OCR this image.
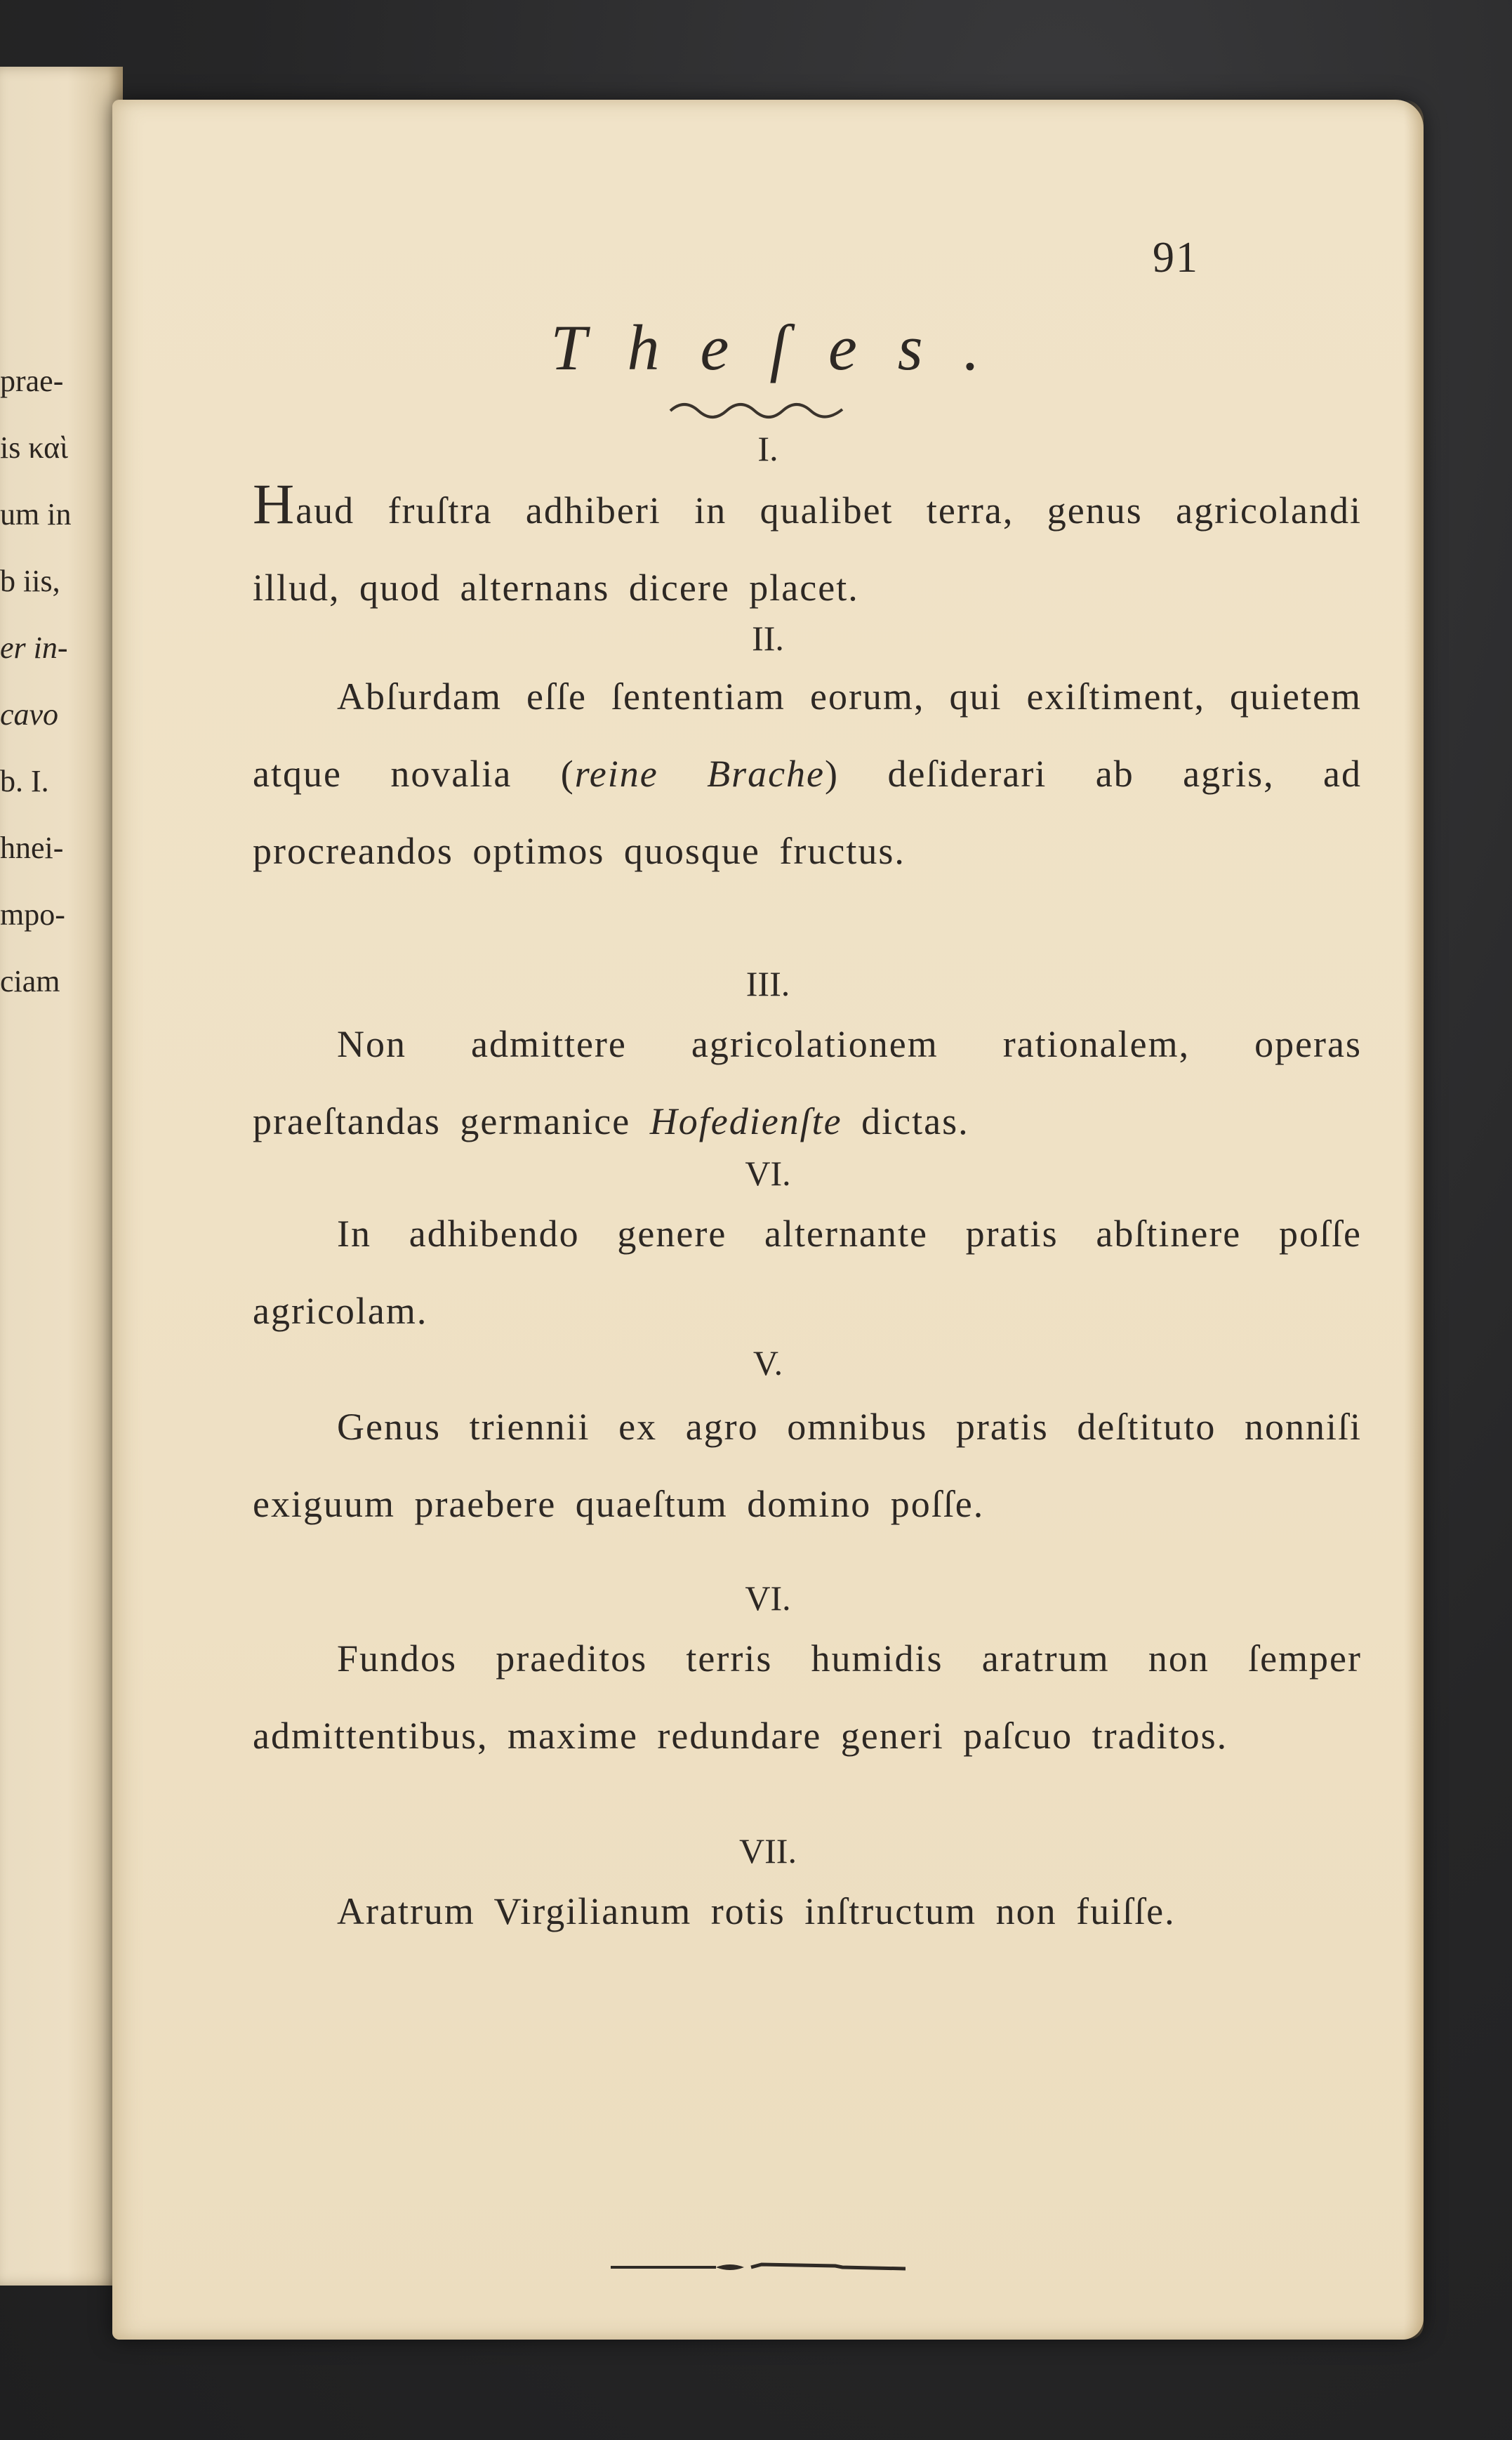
prae-
is καὶ
um in
b iis,
er in-
cavo
b. I.
hnei-
mpo-
ciam
91
Theſes.
I.
Haud fruſtra adhiberi in qualibet terra, genus agricolandi illud, quod alternans dicere placet.
II.
Abſurdam eſſe ſententiam eorum, qui exiſtiment, quietem atque novalia (reine Brache) deſiderari ab agris, ad procreandos optimos quosque fructus.
III.
Non admittere agricolationem rationalem, operas praeſtandas germanice Hofedienſte dictas.
VI.
In adhibendo genere alternante pratis abſtinere poſſe agricolam.
V.
Genus triennii ex agro omnibus pratis deſtituto nonniſi exiguum praebere quaeſtum domino poſſe.
VI.
Fundos praeditos terris humidis aratrum non ſemper admittentibus, maxime redundare generi paſcuo traditos.
VII.
Aratrum Virgilianum rotis inſtructum non fuiſſe.
